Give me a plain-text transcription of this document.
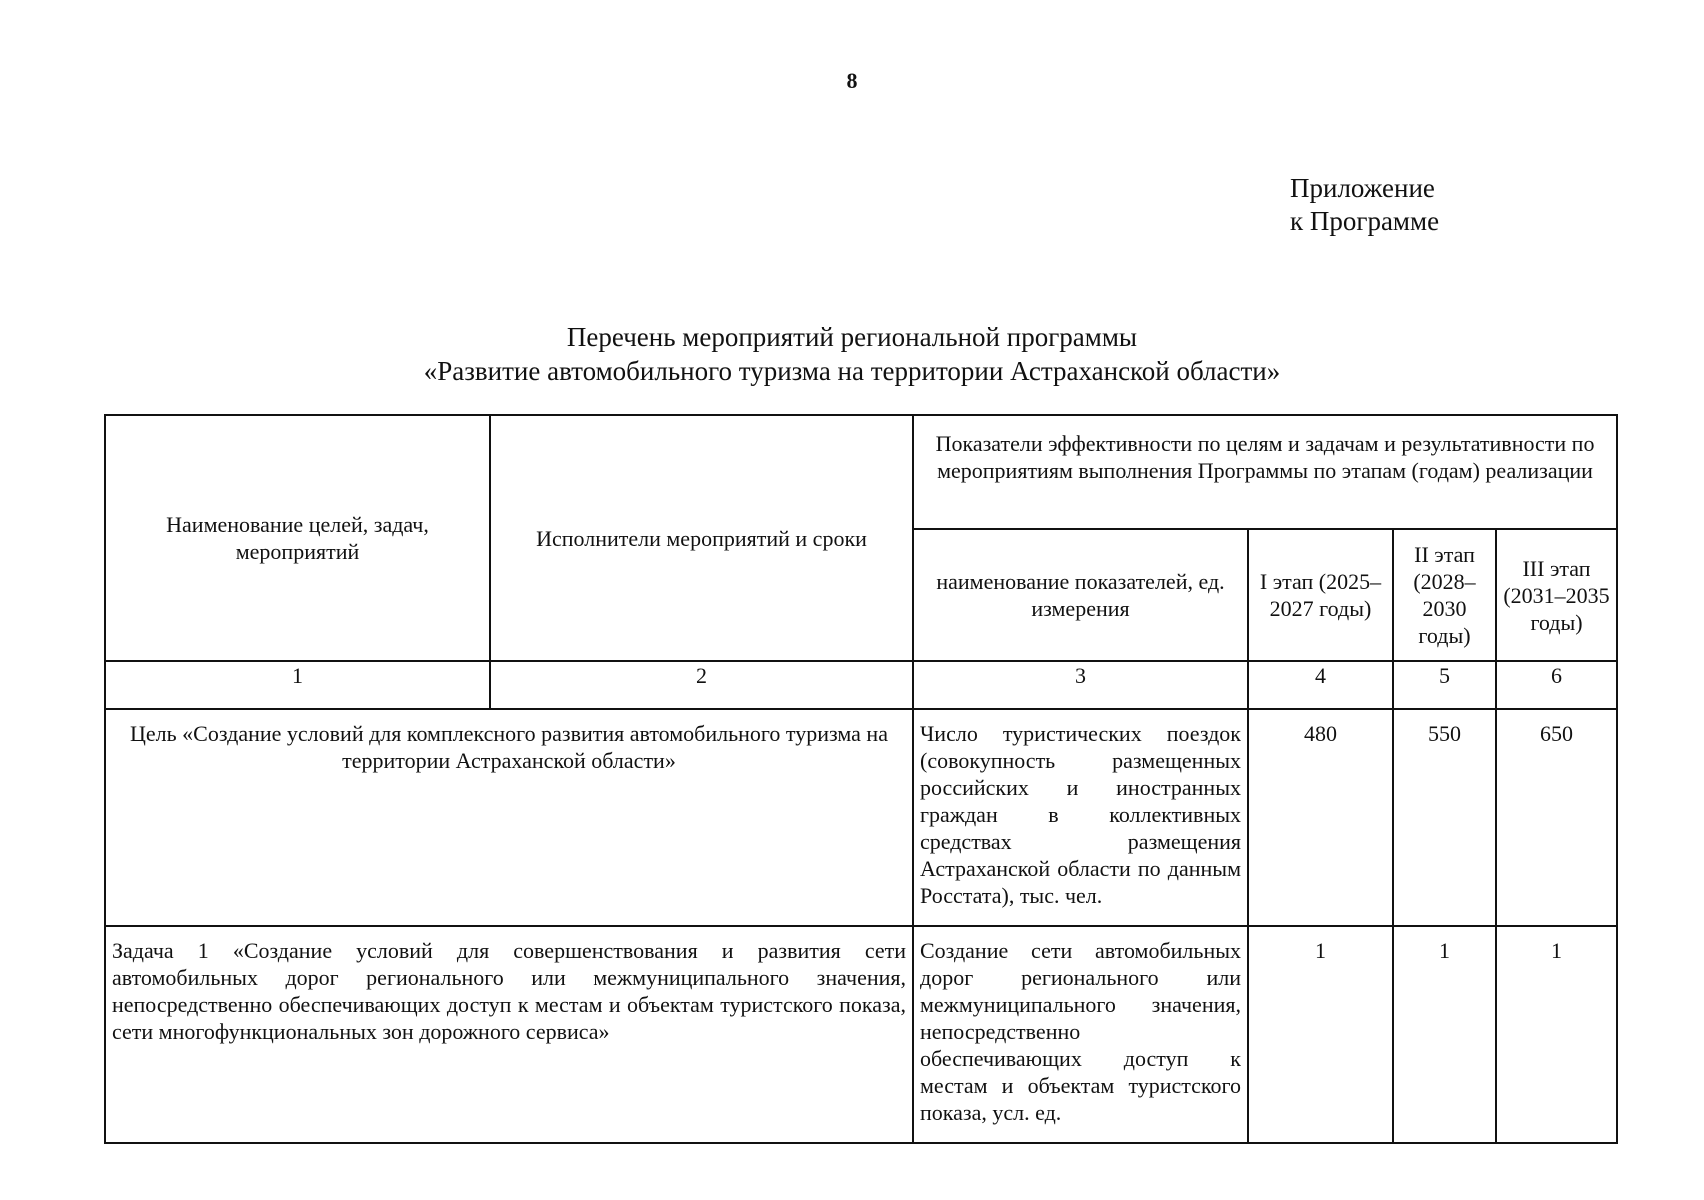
8
Приложение
к Программе
Перечень мероприятий региональной программы
«Развитие автомобильного туризма на территории Астраханской области»
Наименование целей, задач, мероприятий	Исполнители мероприятий и сроки	Показатели эффективности по целям и задачам и результативности по мероприятиям выполнения Программы по этапам (годам) реализации			
		наименование показателей, ед. измерения	I этап (2025–2027 годы)	II этап (2028–2030 годы)	III этап (2031–2035 годы)
1	2	3	4	5	6
Цель «Создание условий для комплексного развития автомобильного туризма на территории Астраханской области»		Число туристических поездок (совокупность размещенных российских и иностранных граждан в коллективных средствах размещения Астраханской области по данным Росстата), тыс. чел.	480	550	650
Задача 1 «Создание условий для совершенствования и развития сети автомобильных дорог регионального или межмуниципального значения, непосредственно обеспечивающих доступ к местам и объектам туристского показа, сети многофункциональных зон дорожного сервиса»		Создание сети автомобильных дорог регионального или межмуниципального значения, непосредственно обеспечивающих доступ к местам и объектам туристского показа, усл. ед.	1	1	1
